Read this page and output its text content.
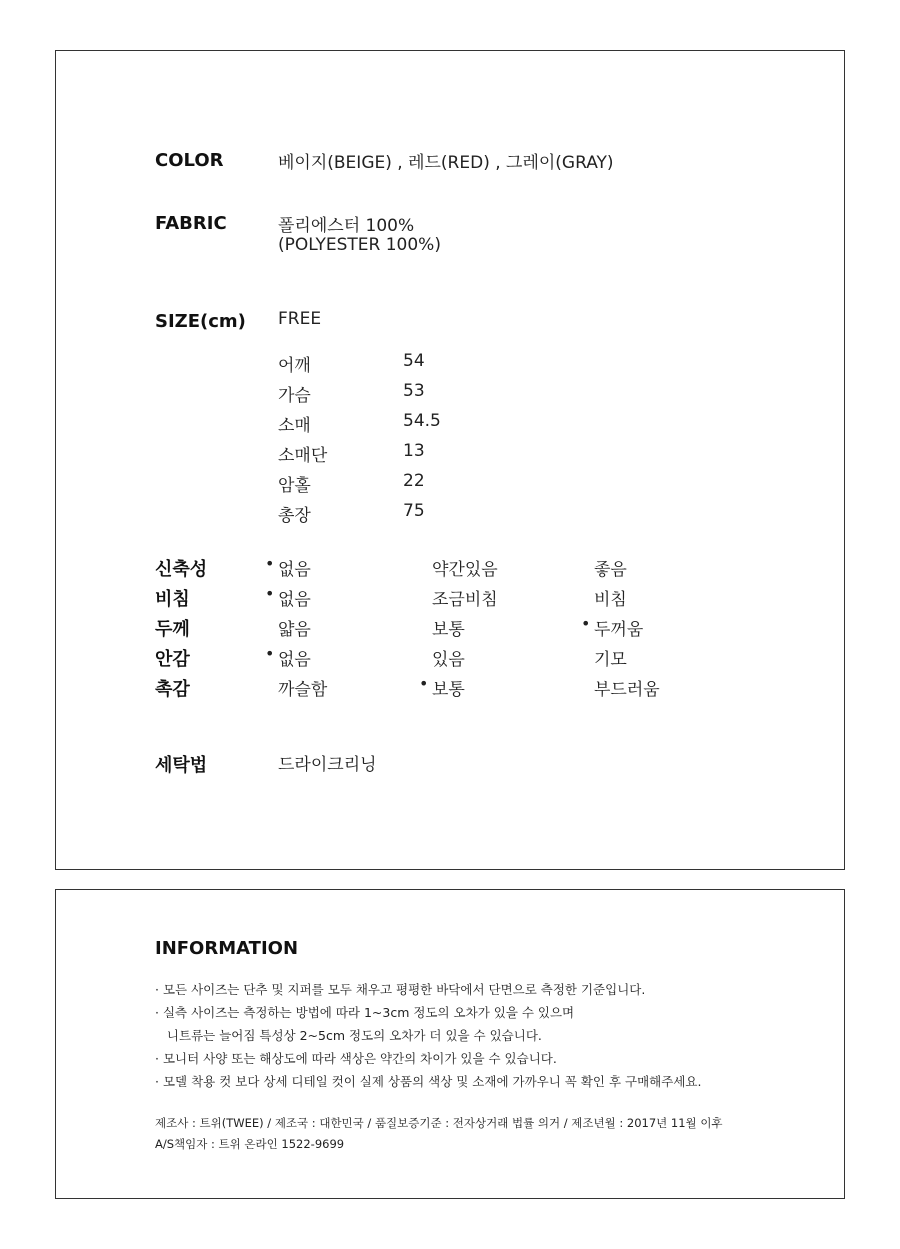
COLOR	베이지(BEIGE) , 레드(RED) , 그레이(GRAY)
FABRIC	폴리에스터 100%
(POLYESTER 100%)
SIZE(cm) FREE
어깨	54
가슴	53
소매	54.5
소매단	13
암홀	22
총장	75
신축성	• 없음	약간있음	좋음
비침	• 없음	조금비침	비침
두께	얇음	보통	• 두꺼움
안감	• 없음	있음	기모
촉감	까슬함	• 보통	부드러움
세탁법	드라이크리닝
INFORMATION
· 모든 사이즈는 단추 및 지퍼를 모두 채우고 평평한 바닥에서 단면으로 측정한 기준입니다.
· 실측 사이즈는 측정하는 방법에 따라 1~3cm 정도의 오차가 있을 수 있으며
니트류는 늘어짐 특성상 2~5cm 정도의 오차가 더 있을 수 있습니다.
· 모니터 사양 또는 해상도에 따라 색상은 약간의 차이가 있을 수 있습니다.
· 모델 착용 컷 보다 상세 디테일 컷이 실제 상품의 색상 및 소재에 가까우니 꼭 확인 후 구매해주세요.
제조사 : 트위(TWEE) / 제조국 : 대한민국 / 품질보증기준 : 전자상거래 법률 의거 / 제조년월 : 2017년 11월 이후
A/S책임자 : 트위 온라인 1522-9699
